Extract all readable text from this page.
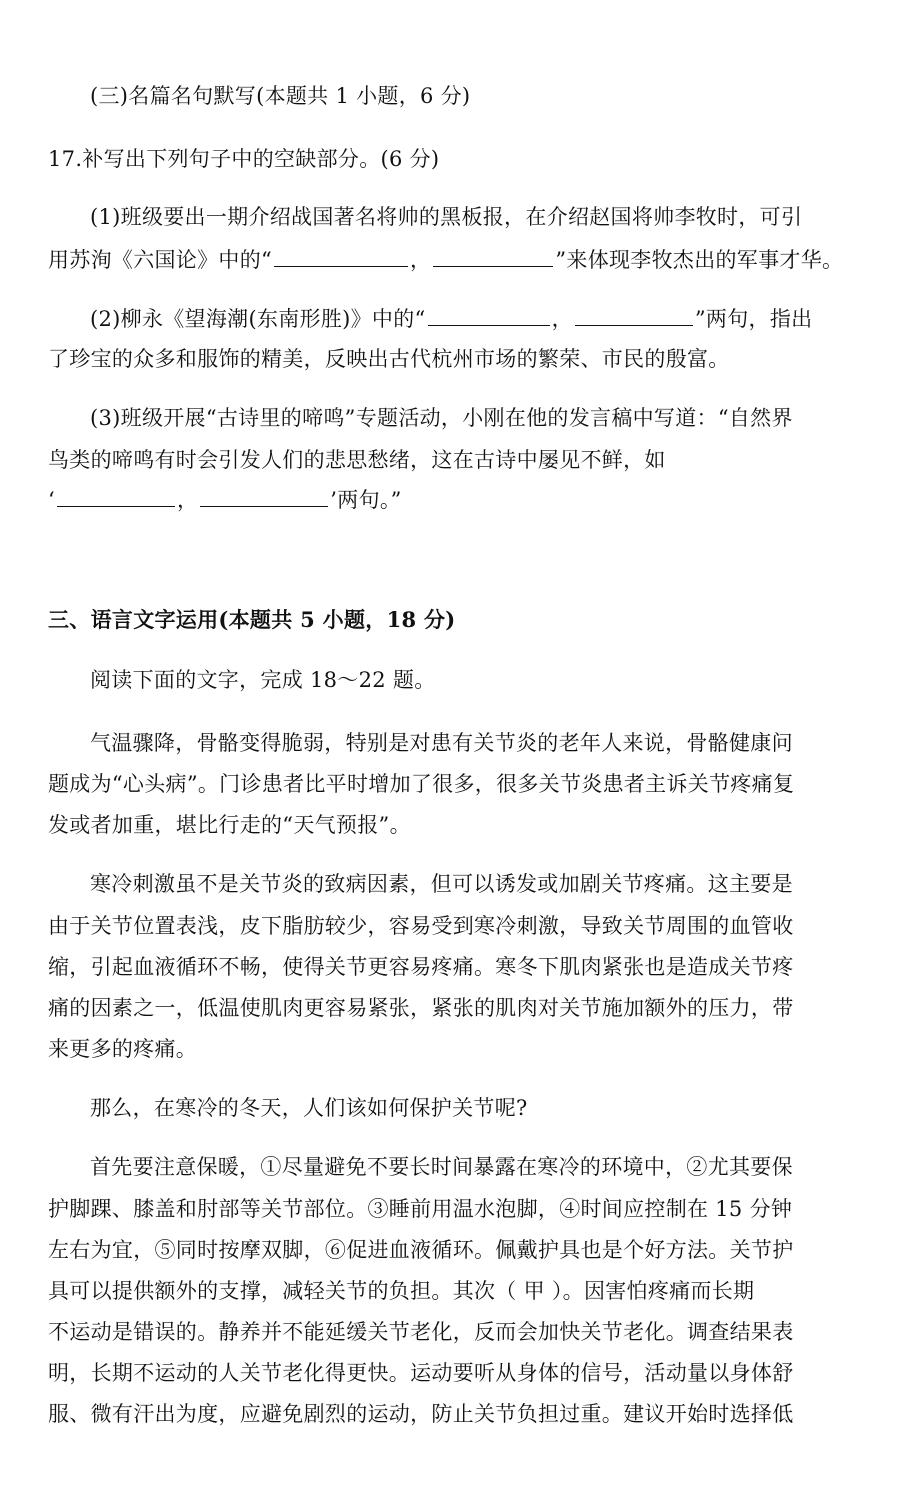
(三)名篇名句默写(本题共 1 小题，6 分)
17.补写出下列句子中的空缺部分。(6 分)
(1)班级要出一期介绍战国著名将帅的黑板报，在介绍赵国将帅李牧时，可引
用苏洵《六国论》中的“	，	”来体现李牧杰出的军事才华。
(2)柳永《望海潮(东南形胜)》中的“	，	”两句，指出
了珍宝的众多和服饰的精美，反映出古代杭州市场的繁荣、市民的殷富。
(3)班级开展“古诗里的啼鸣”专题活动，小刚在他的发言稿中写道：“自然界
鸟类的啼鸣有时会引发人们的悲思愁绪，这在古诗中屡见不鲜，如
‘	，	’两句。”
三、语言文字运用(本题共 5 小题，18 分)
阅读下面的文字，完成 18～22 题。
气温骤降，骨骼变得脆弱，特别是对患有关节炎的老年人来说，骨骼健康问
题成为“心头病”。门诊患者比平时增加了很多，很多关节炎患者主诉关节疼痛复
发或者加重，堪比行走的“天气预报”。
寒冷刺激虽不是关节炎的致病因素，但可以诱发或加剧关节疼痛。这主要是
由于关节位置表浅，皮下脂肪较少，容易受到寒冷刺激，导致关节周围的血管收
缩，引起血液循环不畅，使得关节更容易疼痛。寒冬下肌肉紧张也是造成关节疼
痛的因素之一，低温使肌肉更容易紧张，紧张的肌肉对关节施加额外的压力，带
来更多的疼痛。
那么，在寒冷的冬天，人们该如何保护关节呢?
首先要注意保暖，①尽量避免不要长时间暴露在寒冷的环境中，②尤其要保
护脚踝、膝盖和肘部等关节部位。③睡前用温水泡脚，④时间应控制在 15 分钟
左右为宜，⑤同时按摩双脚，⑥促进血液循环。佩戴护具也是个好方法。关节护
具可以提供额外的支撑，减轻关节的负担。其次（ 甲 ）。因害怕疼痛而长期
不运动是错误的。静养并不能延缓关节老化，反而会加快关节老化。调查结果表
明，长期不运动的人关节老化得更快。运动要听从身体的信号，活动量以身体舒
服、微有汗出为度，应避免剧烈的运动，防止关节负担过重。建议开始时选择低
